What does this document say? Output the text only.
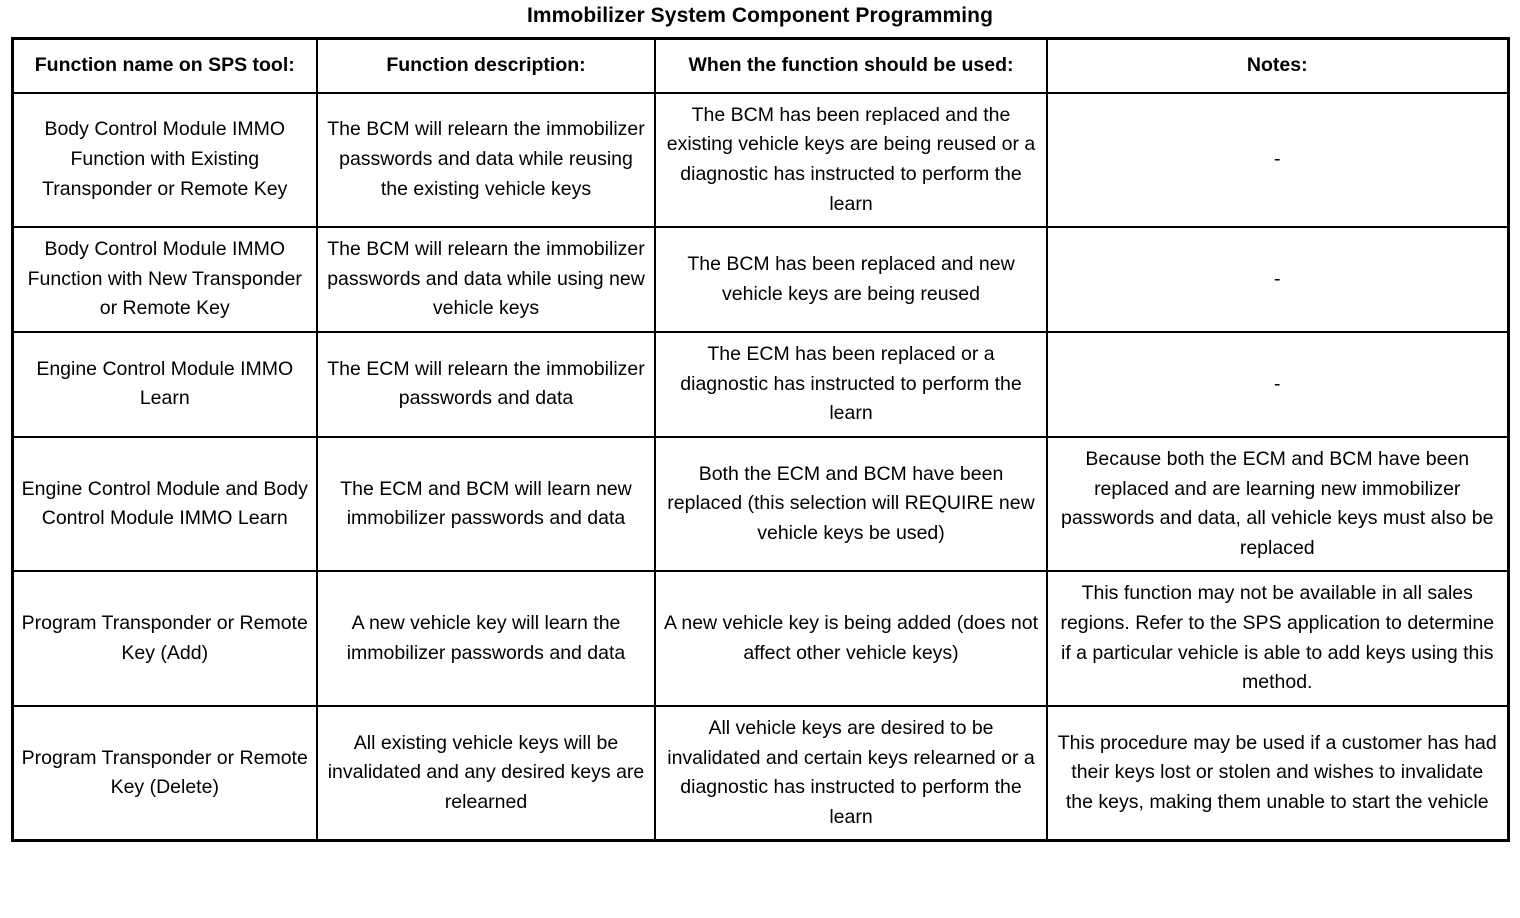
Immobilizer System Component Programming
Function name on SPS tool:	Function description:	When the function should be used:	Notes:
Body Control Module IMMO Function with Existing Transponder or Remote Key	The BCM will relearn the immobilizer passwords and data while reusing the existing vehicle keys	The BCM has been replaced and the existing vehicle keys are being reused or a diagnostic has instructed to perform the learn	-
Body Control Module IMMO Function with New Transponder or Remote Key	The BCM will relearn the immobilizer passwords and data while using new vehicle keys	The BCM has been replaced and new vehicle keys are being reused	-
Engine Control Module IMMO Learn	The ECM will relearn the immobilizer passwords and data	The ECM has been replaced or a diagnostic has instructed to perform the learn	-
Engine Control Module and Body Control Module IMMO Learn	The ECM and BCM will learn new immobilizer passwords and data	Both the ECM and BCM have been replaced (this selection will REQUIRE new vehicle keys be used)	Because both the ECM and BCM have been replaced and are learning new immobilizer passwords and data, all vehicle keys must also be replaced
Program Transponder or Remote Key (Add)	A new vehicle key will learn the immobilizer passwords and data	A new vehicle key is being added (does not affect other vehicle keys)	This function may not be available in all sales regions. Refer to the SPS application to determine if a particular vehicle is able to add keys using this method.
Program Transponder or Remote Key (Delete)	All existing vehicle keys will be invalidated and any desired keys are relearned	All vehicle keys are desired to be invalidated and certain keys relearned or a diagnostic has instructed to perform the learn	This procedure may be used if a customer has had their keys lost or stolen and wishes to invalidate the keys, making them unable to start the vehicle
